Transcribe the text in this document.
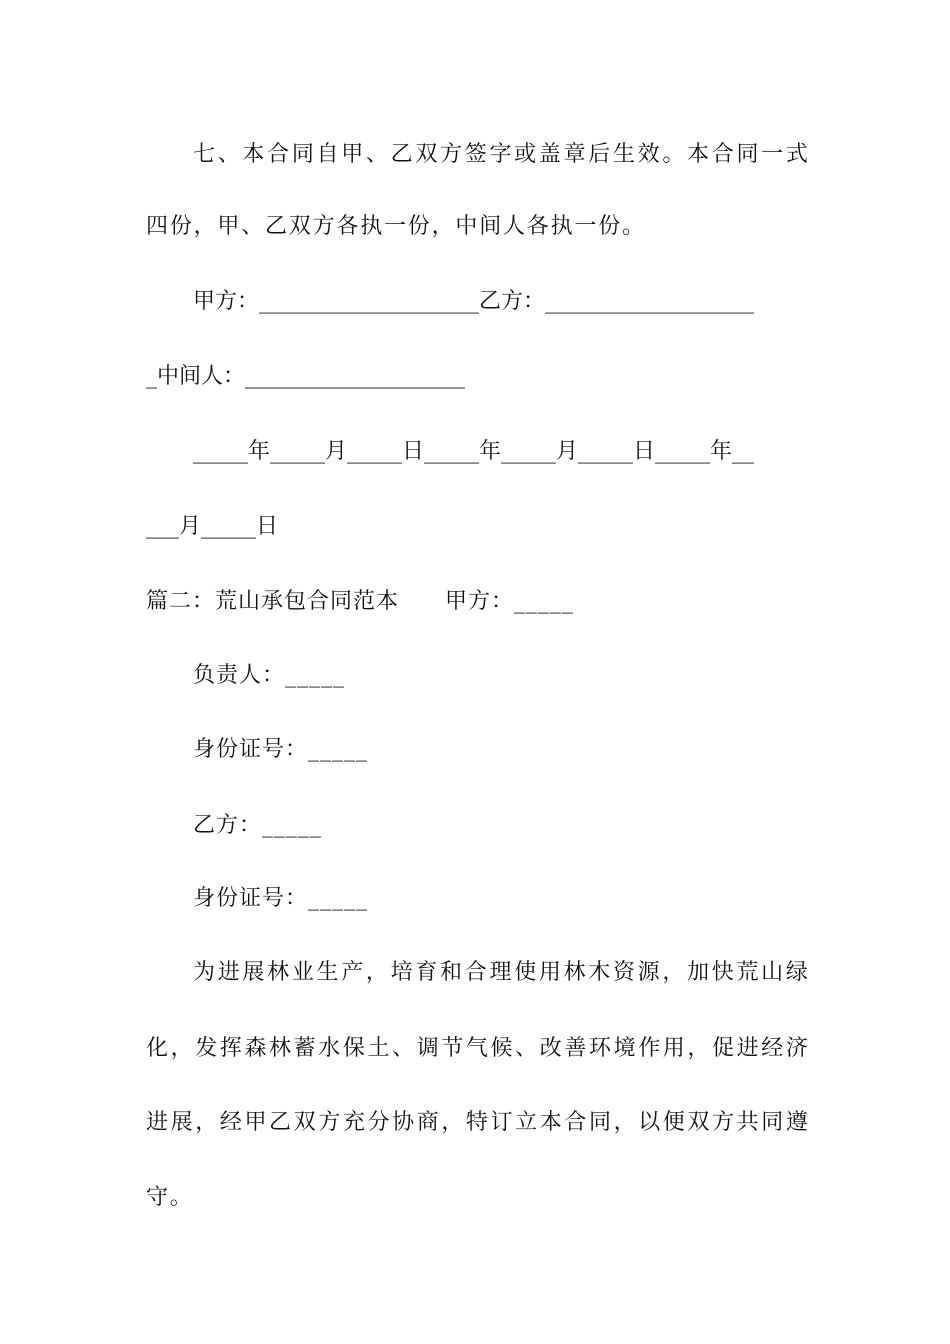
七 、 本 合 同 自 甲 、 乙 双 方 签 字 或 盖 章 后 生 效 。 本 合 同 一 式
四份，甲、乙双方各执一份，中间人各执一份。
甲方：____________________乙方：___________________
_中间人：____________________
_____年_____月_____日_____年_____月_____日_____年__
___月_____日
篇二：荒山承包合同范本　　甲方：_____
负责人：_____
身份证号：_____
乙方：_____
身份证号：_____
为 进 展 林 业 生 产 ， 培 育 和 合 理 使 用 林 木 资 源 ， 加 快 荒 山 绿
化 ， 发 挥 森 林 蓄 水 保 土 、 调 节 气 候 、 改 善 环 境 作 用 ， 促 进 经 济
进 展 ， 经 甲 乙 双 方 充 分 协 商 ， 特 订 立 本 合 同 ， 以 便 双 方 共 同 遵
守。
